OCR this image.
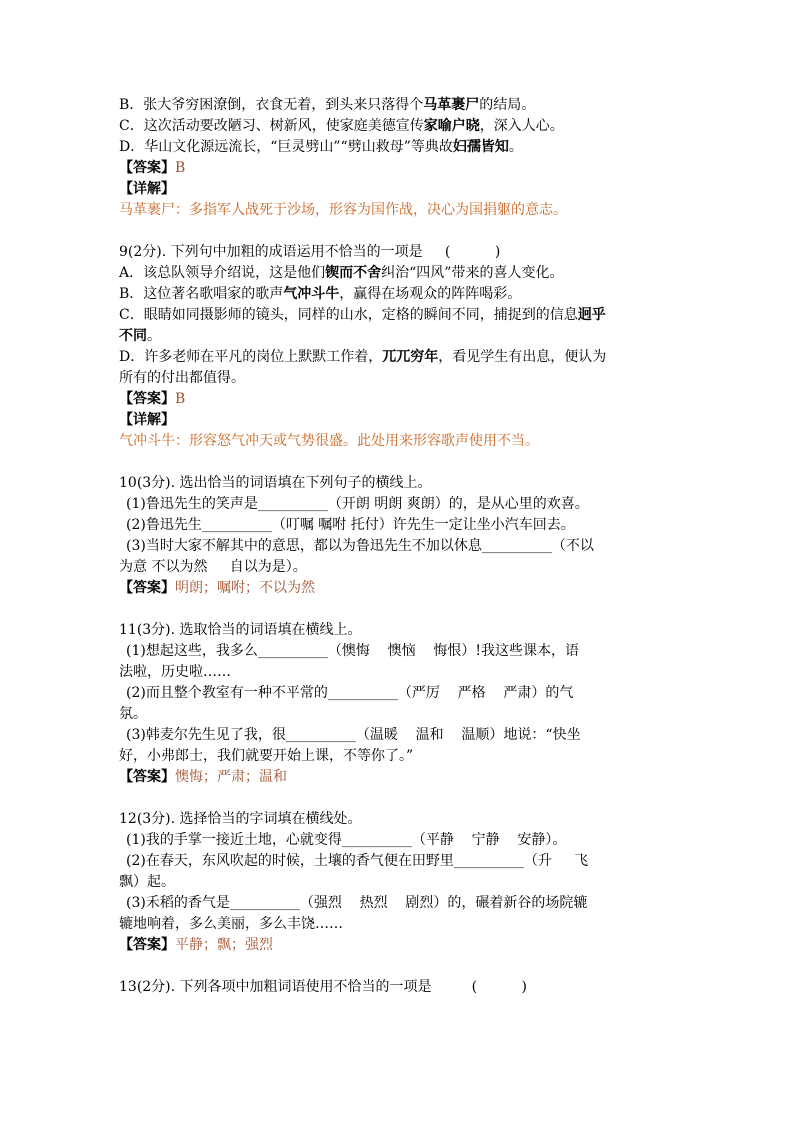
B．张大爷穷困潦倒，衣食无着，到头来只落得个马革裹尸的结局。
C．这次活动要改陋习、树新风，使家庭美德宣传家喻户晓，深入人心。
D．华山文化源远流长，“巨灵劈山”“劈山救母”等典故妇孺皆知。
【答案】B
【详解】
马革裹尸：多指军人战死于沙场，形容为国作战，决心为国捐躯的意志。
9(2分). 下列句中加粗的成语运用不恰当的一项是     (          )
A．该总队领导介绍说，这是他们锲而不舍纠治“四风”带来的喜人变化。
B．这位著名歌唱家的歌声气冲斗牛，赢得在场观众的阵阵喝彩。
C．眼睛如同摄影师的镜头，同样的山水，定格的瞬间不同，捕捉到的信息迥乎
不同。
D．许多老师在平凡的岗位上默默工作着，兀兀穷年，看见学生有出息，便认为
所有的付出都值得。
【答案】B
【详解】
气冲斗牛：形容怒气冲天或气势很盛。此处用来形容歌声使用不当。
10(3分). 选出恰当的词语填在下列句子的横线上。
(1)鲁迅先生的笑声是__________（开朗 明朗 爽朗）的，是从心里的欢喜。
(2)鲁迅先生__________（叮嘱 嘱咐 托付）许先生一定让坐小汽车回去。
(3)当时大家不解其中的意思，都以为鲁迅先生不加以休息__________（不以
为意 不以为然     自以为是）。
【答案】明朗；嘱咐；不以为然
11(3分). 选取恰当的词语填在横线上。
(1)想起这些，我多么__________（懊悔    懊恼    悔恨）!我这些课本，语
法啦，历史啦……
(2)而且整个教室有一种不平常的__________（严厉    严格    严肃）的气
氛。
(3)韩麦尔先生见了我，很__________（温暖    温和    温顺）地说：“快坐
好，小弗郎士，我们就要开始上课，不等你了。”
【答案】懊悔；严肃；温和
12(3分). 选择恰当的字词填在横线处。
(1)我的手掌一接近土地，心就变得__________（平静    宁静    安静）。
(2)在春天，东风吹起的时候，土壤的香气便在田野里__________（升     飞
飘）起。
(3)禾稻的香气是__________（强烈    热烈    剧烈）的，碾着新谷的场院辘
辘地响着，多么美丽，多么丰饶……
【答案】平静；飘；强烈
13(2分). 下列各项中加粗词语使用不恰当的一项是         (          )
